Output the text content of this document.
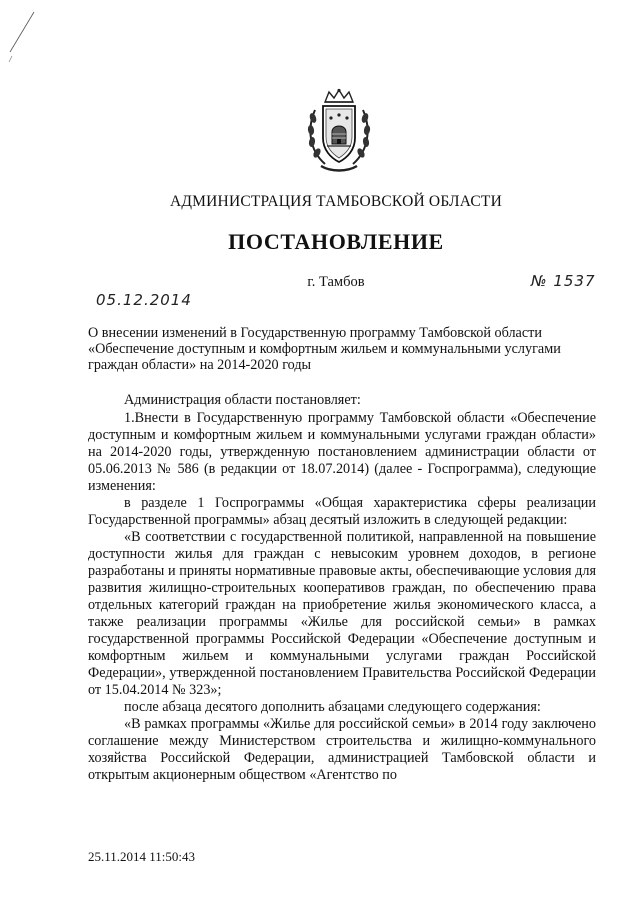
АДМИНИСТРАЦИЯ ТАМБОВСКОЙ ОБЛАСТИ
ПОСТАНОВЛЕНИЕ
г. Тамбов
05.12.2014
№ 1537
О внесении изменений в Государственную программу Тамбовской области «Обеспечение доступным и комфортным жильем и коммунальными услугами граждан области» на 2014-2020 годы

Администрация области постановляет:

1.Внести в Государственную программу Тамбовской области «Обеспечение доступным и комфортным жильем и коммунальными услугами граждан области» на 2014-2020 годы, утвержденную постановлением администрации области от 05.06.2013 № 586 (в редакции от 18.07.2014) (далее - Госпрограмма), следующие изменения:

в разделе 1 Госпрограммы «Общая характеристика сферы реализации Государственной программы» абзац десятый изложить в следующей редакции:

«В соответствии с государственной политикой, направленной на повышение доступности жилья для граждан с невысоким уровнем доходов, в регионе разработаны и приняты нормативные правовые акты, обеспечивающие условия для развития жилищно-строительных кооперативов граждан, по обеспечению права отдельных категорий граждан на приобретение жилья экономического класса, а также реализации программы «Жилье для российской семьи» в рамках государственной программы Российской Федерации «Обеспечение доступным и комфортным жильем и коммунальными услугами граждан Российской Федерации», утвержденной постановлением Правительства Российской Федерации от 15.04.2014 № 323»;

после абзаца десятого дополнить абзацами следующего содержания:

«В рамках программы «Жилье для российской семьи» в 2014 году заключено соглашение между Министерством строительства и жилищно-коммунального хозяйства Российской Федерации, администрацией Тамбовской области и открытым акционерным обществом «Агентство по

25.11.2014 11:50:43
